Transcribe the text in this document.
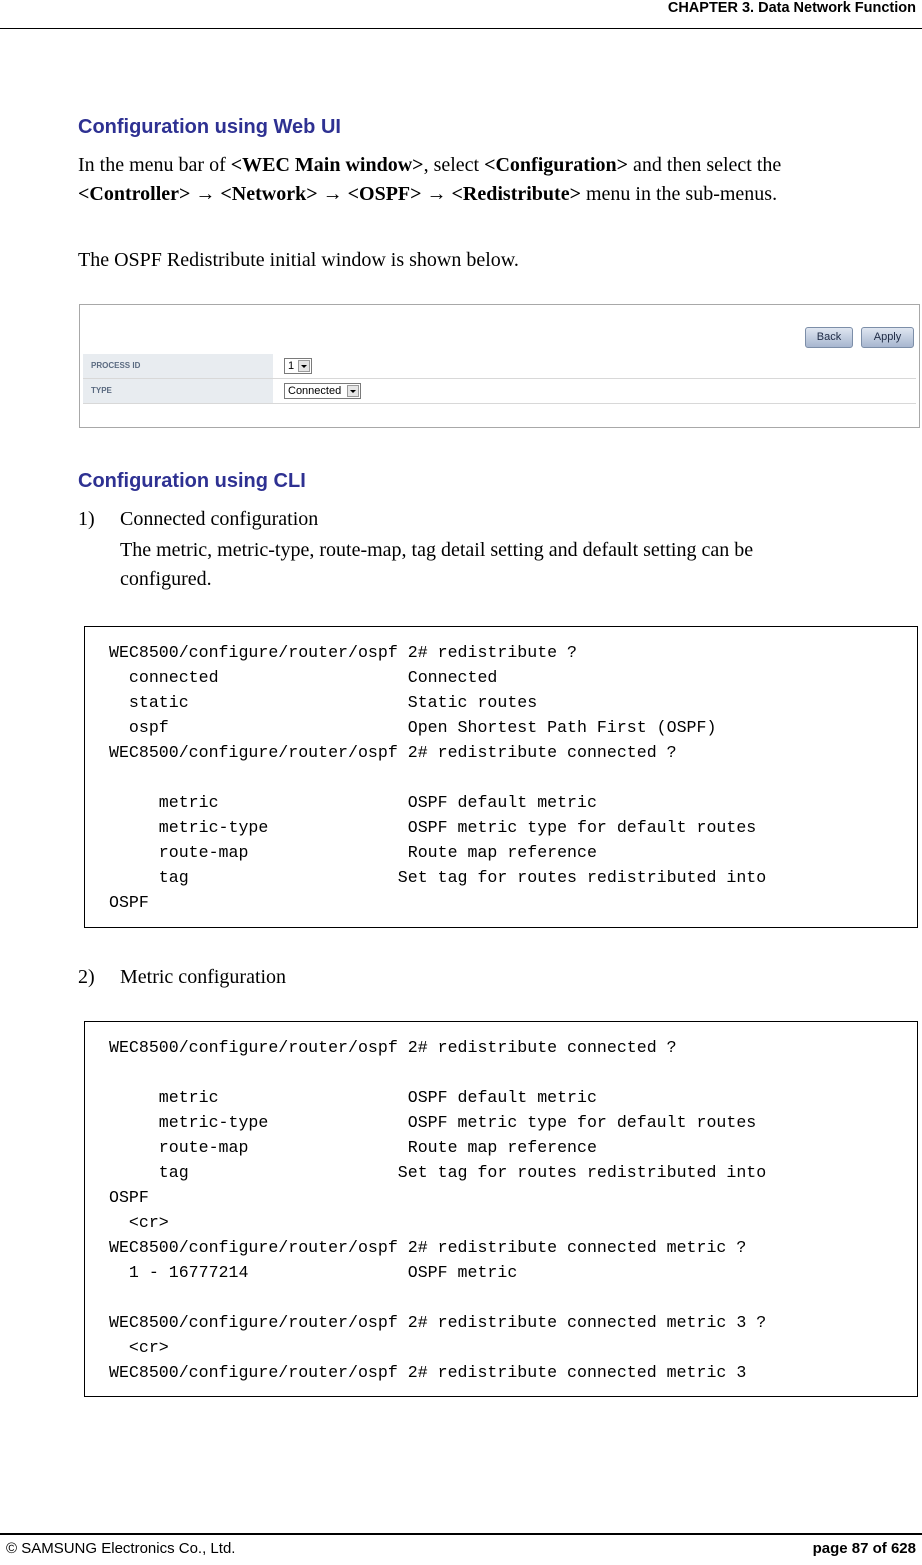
CHAPTER 3. Data Network Function
Configuration using Web UI
In the menu bar of <WEC Main window>, select <Configuration> and then select the
<Controller> → <Network> → <OSPF> → <Redistribute> menu in the sub-menus.
The OSPF Redistribute initial window is shown below.
Back	Apply
PROCESS ID	1
TYPE	Connected
Configuration using CLI
1) Connected configuration
The metric, metric-type, route-map, tag detail setting and default setting can be
configured.
WEC8500/configure/router/ospf 2# redistribute ?
connected                   Connected
static                      Static routes
ospf                        Open Shortest Path First (OSPF)
WEC8500/configure/router/ospf 2# redistribute connected ?
metric                   OSPF default metric
metric-type              OSPF metric type for default routes
route-map                Route map reference
tag                     Set tag for routes redistributed into
OSPF
2) Metric configuration
WEC8500/configure/router/ospf 2# redistribute connected ?
metric                   OSPF default metric
metric-type              OSPF metric type for default routes
route-map                Route map reference
tag                     Set tag for routes redistributed into
OSPF
<cr>
WEC8500/configure/router/ospf 2# redistribute connected metric ?
1 - 16777214                OSPF metric
WEC8500/configure/router/ospf 2# redistribute connected metric 3 ?
<cr>
WEC8500/configure/router/ospf 2# redistribute connected metric 3
© SAMSUNG Electronics Co., Ltd.	page 87 of 628
